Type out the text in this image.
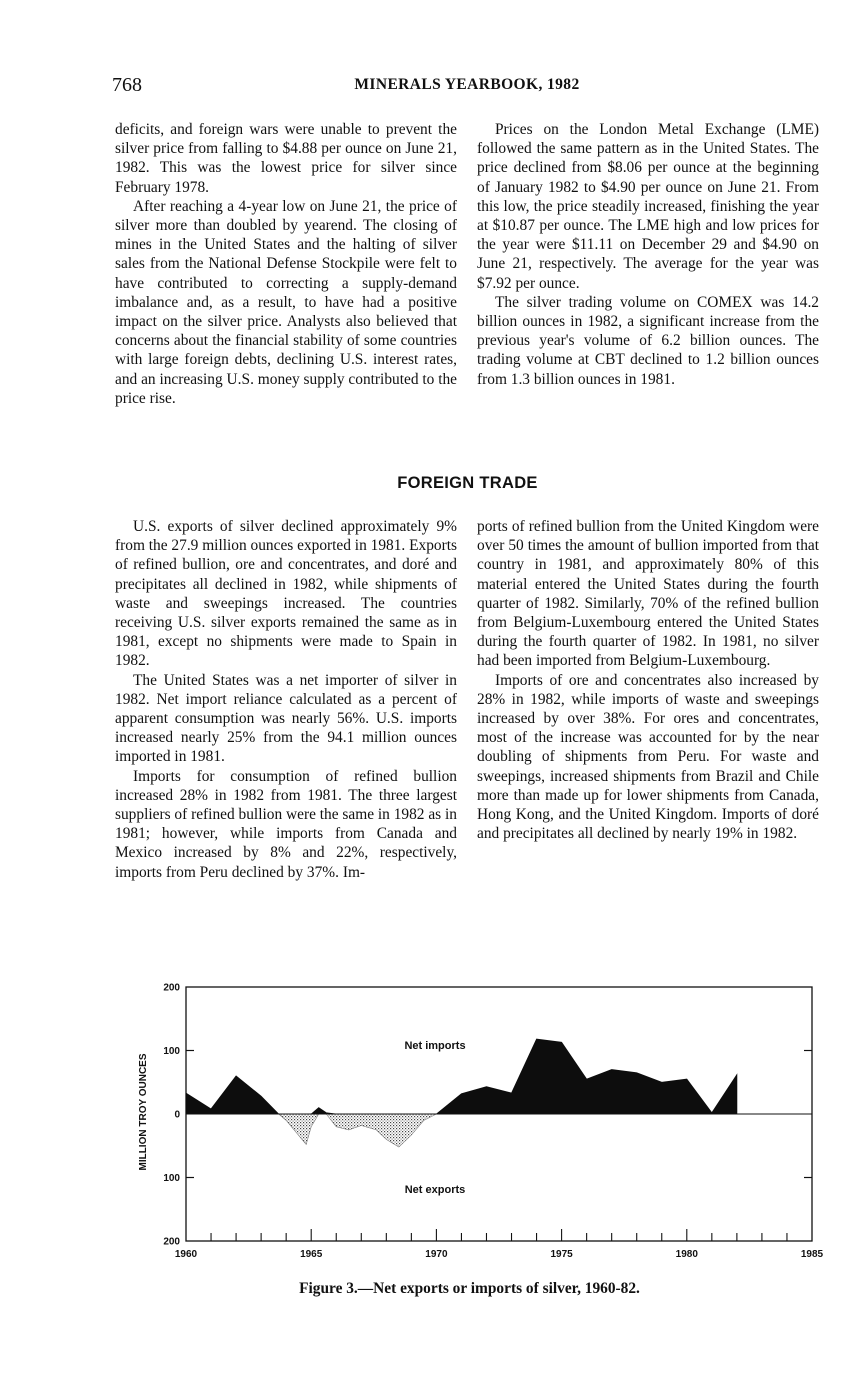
768	MINERALS YEARBOOK, 1982

deficits, and foreign wars were unable to prevent the silver price from falling to $4.88 per ounce on June 21, 1982. This was the lowest price for silver since February 1978.

After reaching a 4-year low on June 21, the price of silver more than doubled by yearend. The closing of mines in the United States and the halting of silver sales from the National Defense Stockpile were felt to have contributed to correcting a supply-demand imbalance and, as a result, to have had a positive impact on the silver price. Analysts also believed that concerns about the financial stability of some countries with large foreign debts, declining U.S. interest rates, and an increasing U.S. money supply contributed to the price rise.

Prices on the London Metal Exchange (LME) followed the same pattern as in the United States. The price declined from $8.06 per ounce at the beginning of January 1982 to $4.90 per ounce on June 21. From this low, the price steadily increased, finishing the year at $10.87 per ounce. The LME high and low prices for the year were $11.11 on December 29 and $4.90 on June 21, respectively. The average for the year was $7.92 per ounce.

The silver trading volume on COMEX was 14.2 billion ounces in 1982, a significant increase from the previous year's volume of 6.2 billion ounces. The trading volume at CBT declined to 1.2 billion ounces from 1.3 billion ounces in 1981.

FOREIGN TRADE

U.S. exports of silver declined approximately 9% from the 27.9 million ounces exported in 1981. Exports of refined bullion, ore and concentrates, and doré and precipitates all declined in 1982, while shipments of waste and sweepings increased. The countries receiving U.S. silver exports remained the same as in 1981, except no shipments were made to Spain in 1982.

The United States was a net importer of silver in 1982. Net import reliance calculated as a percent of apparent consumption was nearly 56%. U.S. imports increased nearly 25% from the 94.1 million ounces imported in 1981.

Imports for consumption of refined bullion increased 28% in 1982 from 1981. The three largest suppliers of refined bullion were the same in 1982 as in 1981; however, while imports from Canada and Mexico increased by 8% and 22%, respectively, imports from Peru declined by 37%. Im-

ports of refined bullion from the United Kingdom were over 50 times the amount of bullion imported from that country in 1981, and approximately 80% of this material entered the United States during the fourth quarter of 1982. Similarly, 70% of the refined bullion from Belgium-Luxembourg entered the United States during the fourth quarter of 1982. In 1981, no silver had been imported from Belgium-Luxembourg.

Imports of ore and concentrates also increased by 28% in 1982, while imports of waste and sweepings increased by over 38%. For ores and concentrates, most of the increase was accounted for by the near doubling of shipments from Peru. For waste and sweepings, increased shipments from Brazil and Chile more than made up for lower shipments from Canada, Hong Kong, and the United Kingdom. Imports of doré and precipitates all declined by nearly 19% in 1982.

200
100
0
100
200
1960	1965	1970	1975	1980	1985
Net imports
Net exports
MILLION TROY OUNCES
Figure 3.—Net exports or imports of silver, 1960-82.
